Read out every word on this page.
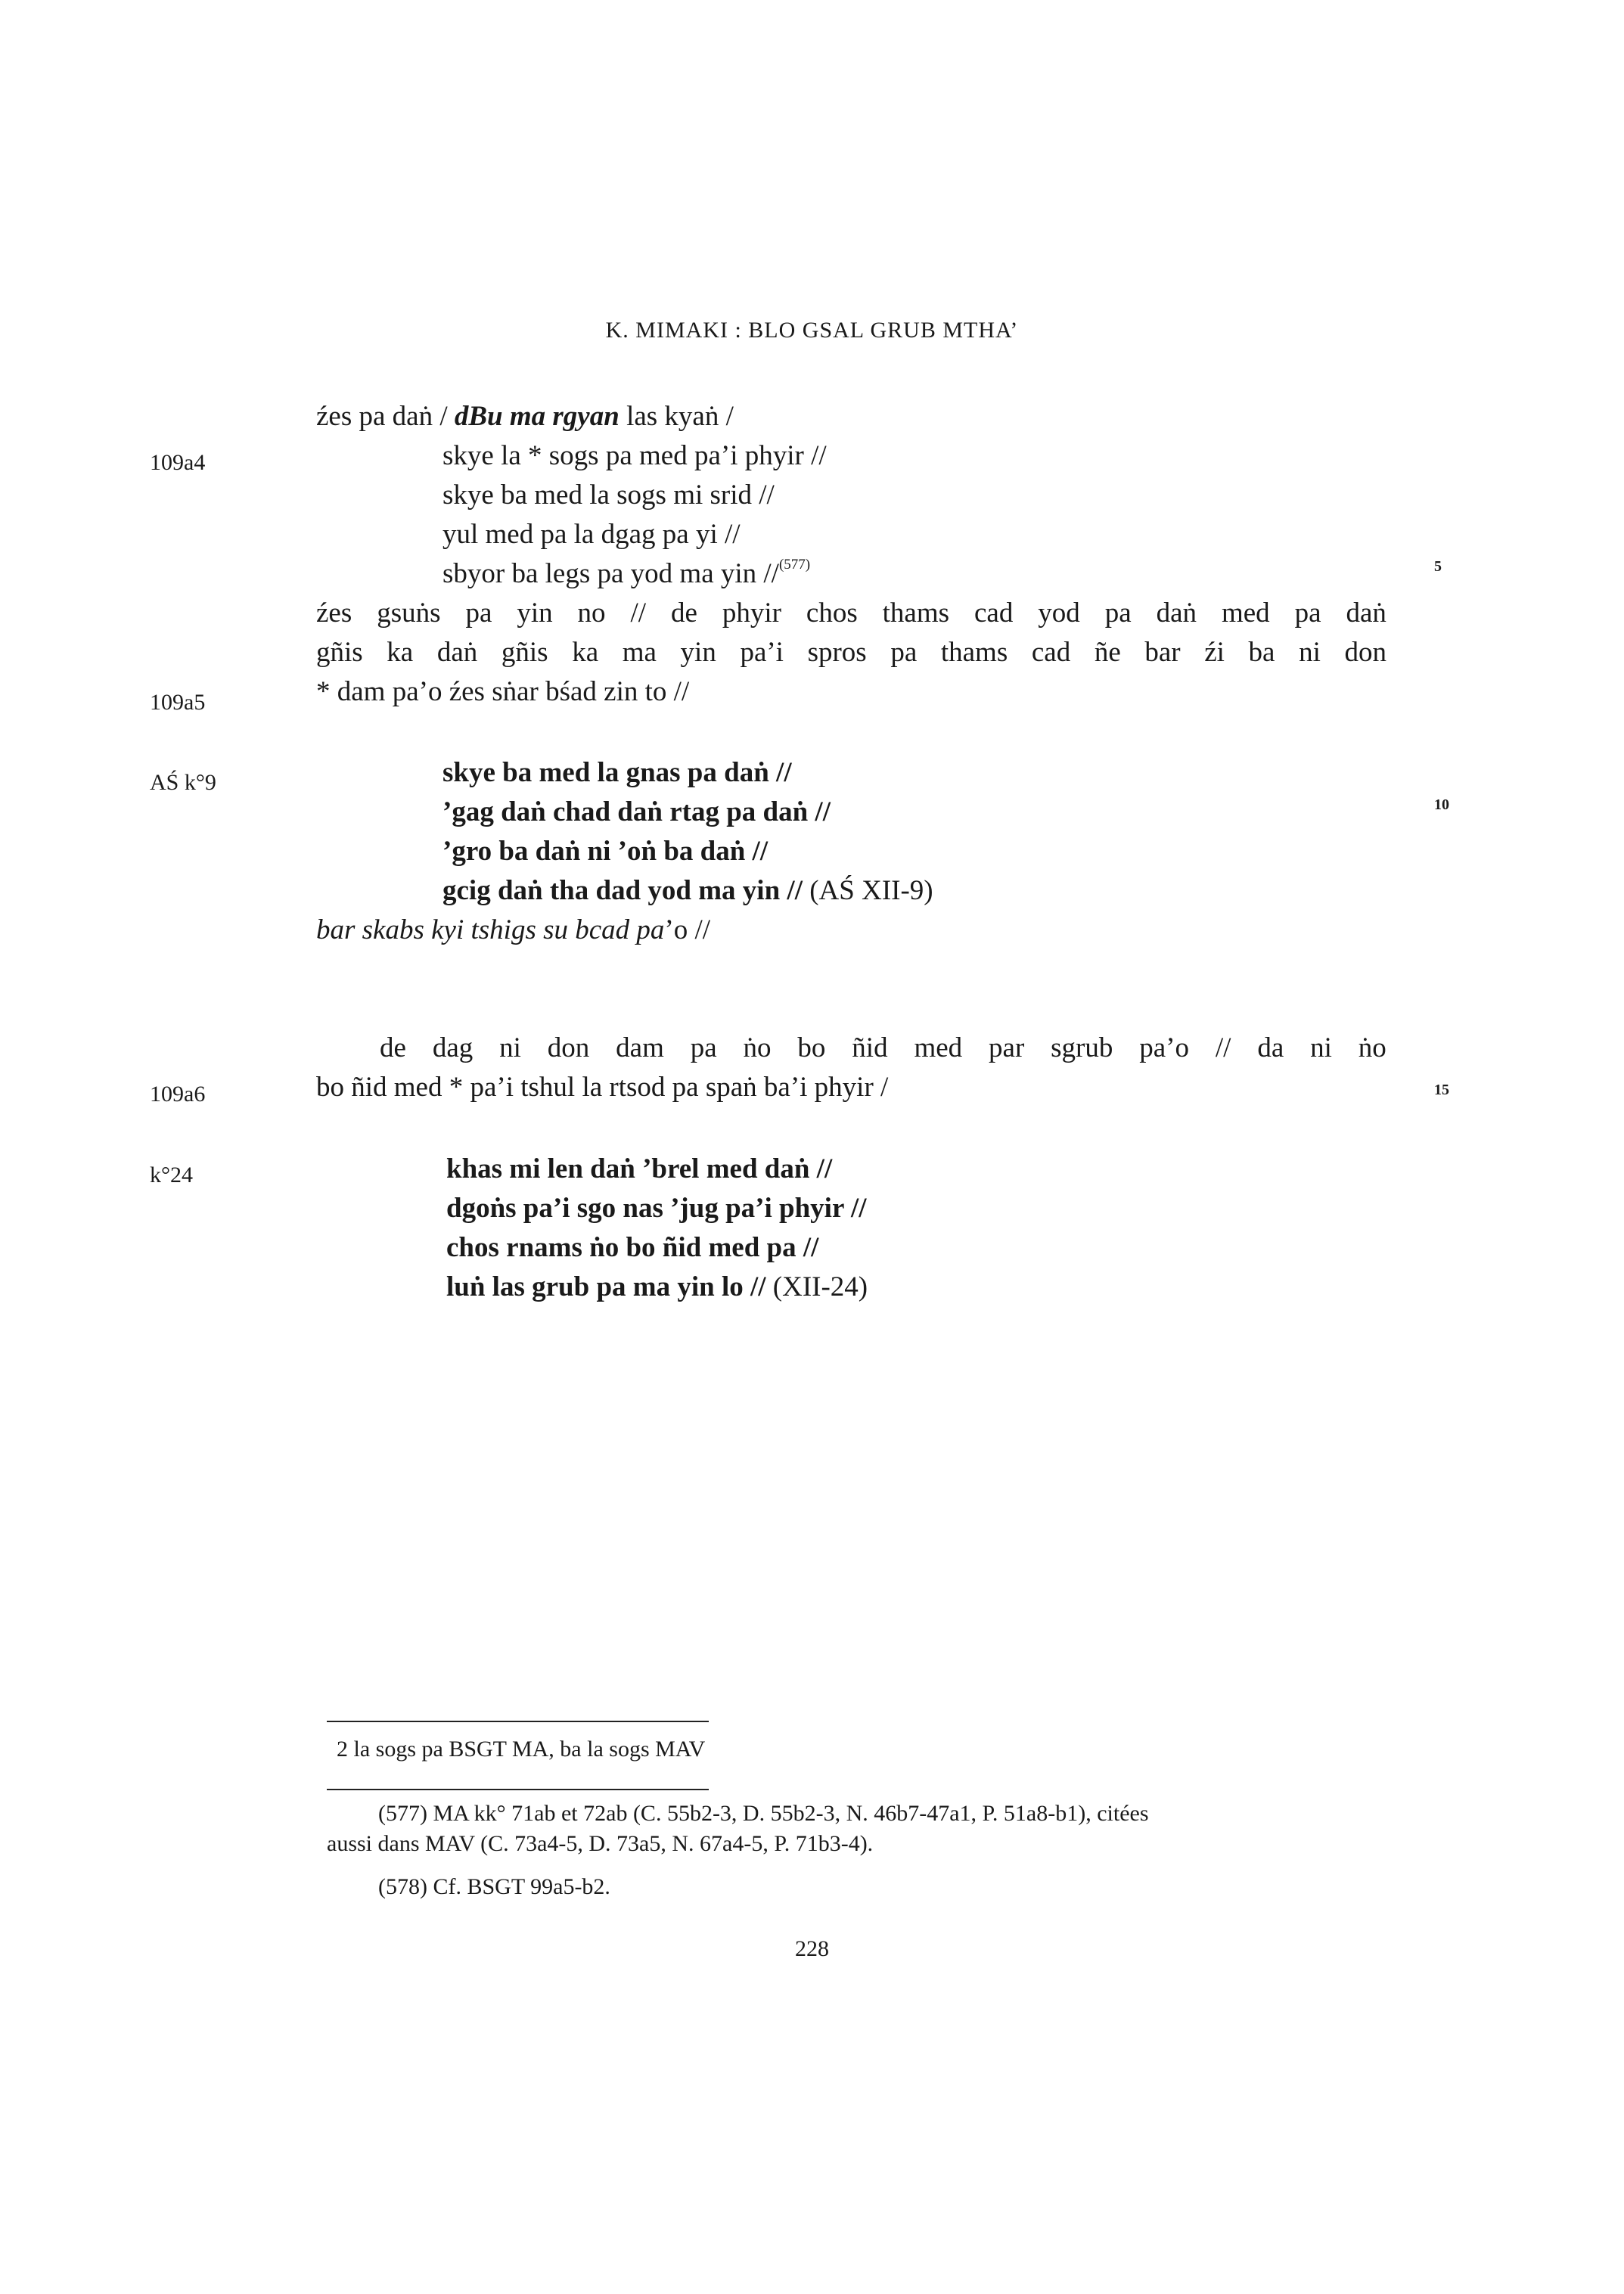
K. MIMAKI : BLO GSAL GRUB MTHA’
109a4
109a5
AŚ k°9
109a6
k°24
5
10
15
źes pa daṅ / dBu ma rgyan las kyaṅ /
skye la * sogs pa med pa’i phyir //
skye ba med la sogs mi srid //
yul med pa la dgag pa yi //
sbyor ba legs pa yod ma yin //$^{(577)}$
źes gsuṅs pa yin no // de phyir chos thams cad yod pa daṅ med pa daṅ
gñis ka daṅ gñis ka ma yin pa’i spros pa thams cad ñe bar źi ba ni don
* dam pa’o źes sṅar bśad zin to //
skye ba med la gnas pa daṅ //
’gag daṅ chad daṅ rtag pa daṅ //
’gro ba daṅ ni ’oṅ ba daṅ //
gcig daṅ tha dad yod ma yin // (AŚ XII-9)
bar skabs kyi tshigs su bcad pa’o //
de dag ni don dam pa ṅo bo ñid med par sgrub pa’o // da ni ṅo
bo ñid med * pa’i tshul la rtsod pa spaṅ ba’i phyir /
khas mi len daṅ ’brel med daṅ //
dgoṅs pa’i sgo nas ’jug pa’i phyir //
chos rnams ṅo bo ñid med pa //
luṅ las grub pa ma yin lo // (XII-24)
2 la sogs pa BSGT MA, ba la sogs MAV
(577) MA kk° 71ab et 72ab (C. 55b2-3, D. 55b2-3, N. 46b7-47a1, P. 51a8-b1), citées
aussi dans MAV (C. 73a4-5, D. 73a5, N. 67a4-5, P. 71b3-4).
(578) Cf. BSGT 99a5-b2.
228
